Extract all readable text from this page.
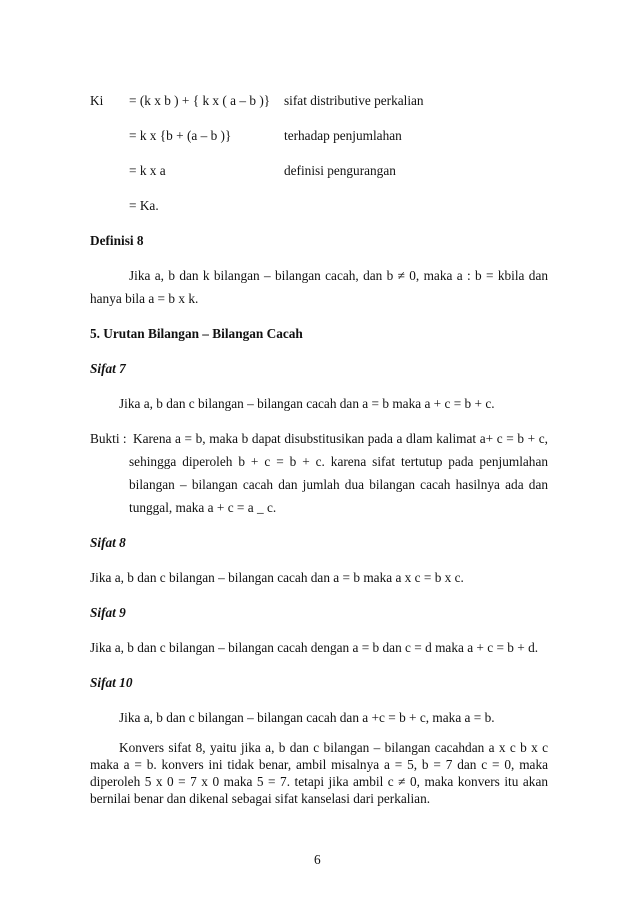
Ki = (k x b ) + { k x ( a – b )} sifat distributive perkalian
= k x {b + (a – b )}	terhadap penjumlahan
= k x a	definisi pengurangan
= Ka.
Definisi 8
Jika a, b dan k bilangan – bilangan cacah, dan b ≠ 0, maka a : b = kbila dan
hanya bila a = b x k.
5. Urutan Bilangan – Bilangan Cacah
Sifat 7
Jika a, b dan c bilangan – bilangan cacah dan a = b maka a + c = b + c.
Bukti : Karena a = b, maka b dapat disubstitusikan pada a dlam kalimat a+ c = b + c,
sehingga diperoleh b + c = b + c. karena sifat tertutup pada penjumlahan
bilangan – bilangan cacah dan jumlah dua bilangan cacah hasilnya ada dan
tunggal, maka a + c = a _ c.
Sifat 8
Jika a, b dan c bilangan – bilangan cacah dan a = b maka a x c = b x c.
Sifat 9
Jika a, b dan c bilangan – bilangan cacah dengan a = b dan c = d maka a + c = b + d.
Sifat 10
Jika a, b dan c bilangan – bilangan cacah dan a +c = b + c, maka a = b.
Konvers sifat 8, yaitu jika a, b dan c bilangan – bilangan cacahdan a x c b x c
maka a = b. konvers ini tidak benar, ambil misalnya a = 5, b = 7 dan c = 0, maka
diperoleh 5 x 0 = 7 x 0 maka 5 = 7. tetapi jika ambil c ≠ 0, maka konvers itu akan
bernilai benar dan dikenal sebagai sifat kanselasi dari perkalian.
6
